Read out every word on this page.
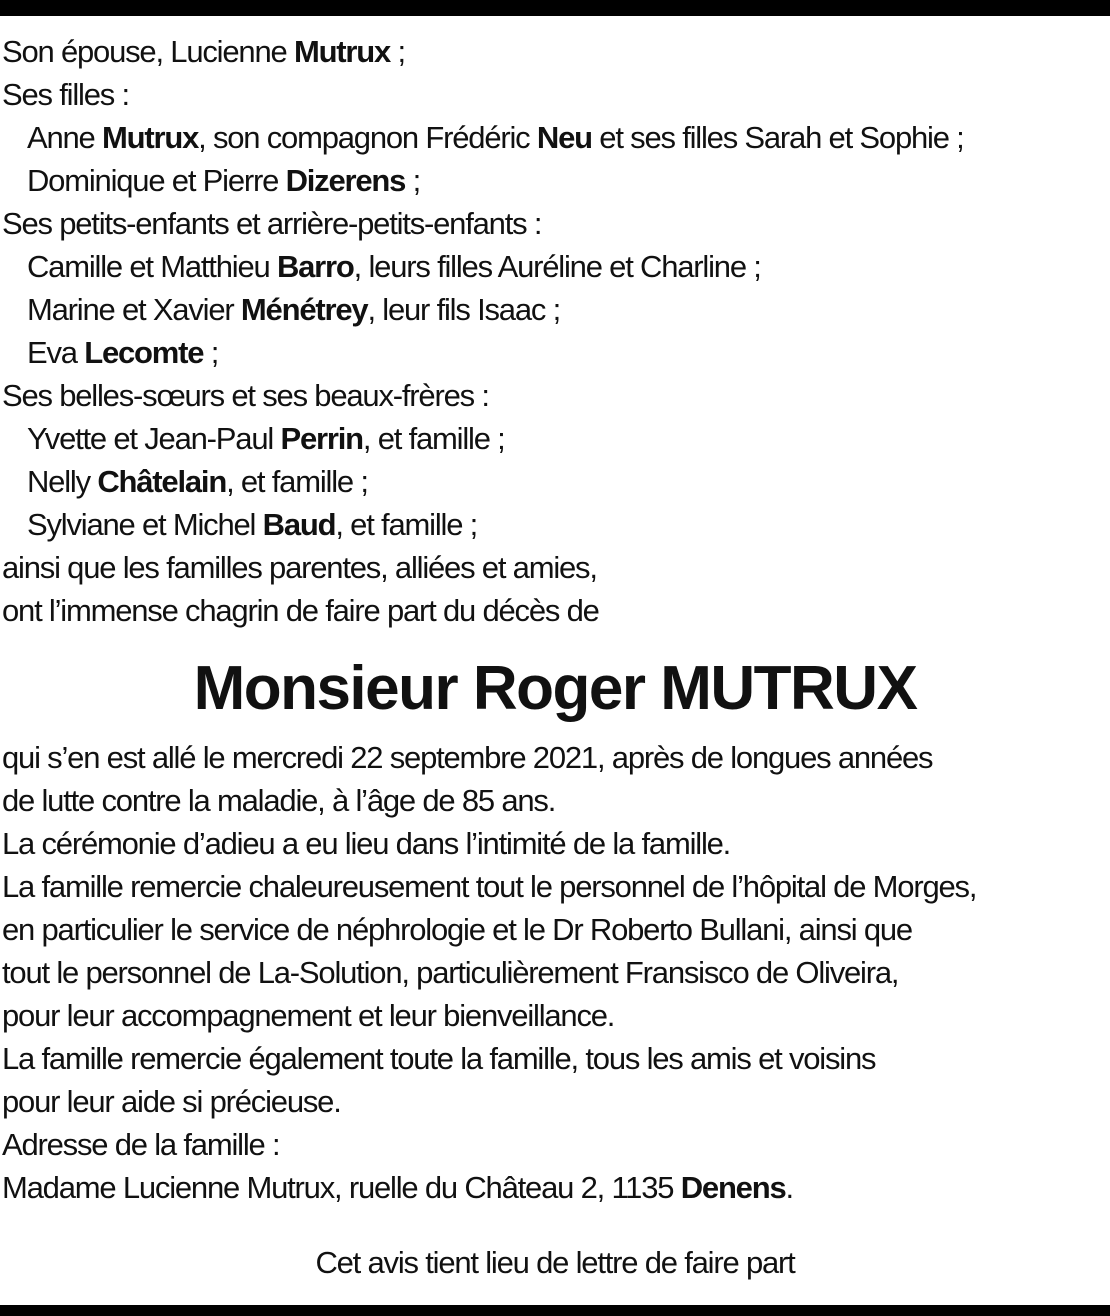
Son épouse, Lucienne Mutrux ;
Ses filles :
Anne Mutrux, son compagnon Frédéric Neu et ses filles Sarah et Sophie ;
Dominique et Pierre Dizerens ;
Ses petits-enfants et arrière-petits-enfants :
Camille et Matthieu Barro, leurs filles Auréline et Charline ;
Marine et Xavier Ménétrey, leur fils Isaac ;
Eva Lecomte ;
Ses belles-sœurs et ses beaux-frères :
Yvette et Jean-Paul Perrin, et famille ;
Nelly Châtelain, et famille ;
Sylviane et Michel Baud, et famille ;
ainsi que les familles parentes, alliées et amies,
ont l’immense chagrin de faire part du décès de
Monsieur Roger MUTRUX
qui s’en est allé le mercredi 22 septembre 2021, après de longues années
de lutte contre la maladie, à l’âge de 85 ans.
La cérémonie d’adieu a eu lieu dans l’intimité de la famille.
La famille remercie chaleureusement tout le personnel de l’hôpital de Morges,
en particulier le service de néphrologie et le Dr Roberto Bullani, ainsi que
tout le personnel de La-Solution, particulièrement Fransisco de Oliveira,
pour leur accompagnement et leur bienveillance.
La famille remercie également toute la famille, tous les amis et voisins
pour leur aide si précieuse.
Adresse de la famille :
Madame Lucienne Mutrux, ruelle du Château 2, 1135 Denens.
Cet avis tient lieu de lettre de faire part
